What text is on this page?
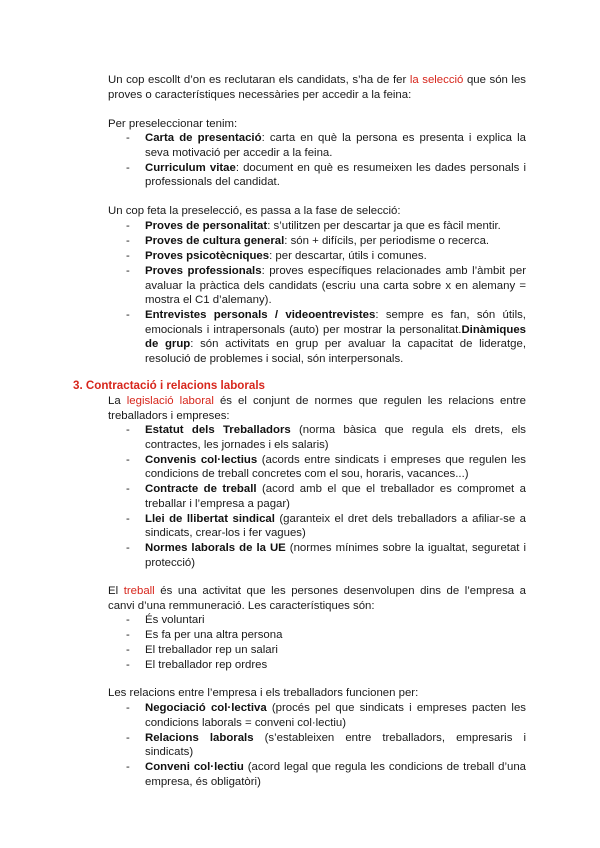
Un cop escollt d’on es reclutaran els candidats, s’ha de fer la selecció que són les proves o característiques necessàries per accedir a la feina:

Per preseleccionar tenim:

- Carta de presentació: carta en què la persona es presenta i explica la seva motivació per accedir a la feina.
- Curriculum vitae: document en què es resumeixen les dades personals i professionals del candidat.

Un cop feta la preselecció, es passa a la fase de selecció:

- Proves de personalitat: s’utilitzen per descartar ja que es fàcil mentir.
- Proves de cultura general: són + difícils, per periodisme o recerca.
- Proves psicotècniques: per descartar, útils i comunes.
- Proves professionals: proves específiques relacionades amb l’àmbit per avaluar la pràctica dels candidats (escriu una carta sobre x en alemany = mostra el C1 d’alemany).
- Entrevistes personals / videoentrevistes: sempre es fan, són útils, emocionals i intrapersonals (auto) per mostrar la personalitat.Dinàmiques de grup: són activitats en grup per avaluar la capacitat de lideratge, resolució de problemes i social, són interpersonals.
3. Contractació i relacions laborals

La legislació laboral és el conjunt de normes que regulen les relacions entre treballadors i empreses:

- Estatut dels Treballadors (norma bàsica que regula els drets, els contractes, les jornades i els salaris)
- Convenis col·lectius (acords entre sindicats i empreses que regulen les condicions de treball concretes com el sou, horaris, vacances...)
- Contracte de treball (acord amb el que el treballador es compromet a treballar i l’empresa a pagar)
- Llei de llibertat sindical (garanteix el dret dels treballadors a afiliar-se a sindicats, crear-los i fer vagues)
- Normes laborals de la UE (normes mínimes sobre la igualtat, seguretat i protecció)

El treball és una activitat que les persones desenvolupen dins de l’empresa a canvi d’una remmuneració. Les característiques són:

- És voluntari
- Es fa per una altra persona
- El treballador rep un salari
- El treballador rep ordres

Les relacions entre l’empresa i els treballadors funcionen per:

- Negociació col·lectiva (procés pel que sindicats i empreses pacten les condicions laborals = conveni col·lectiu)
- Relacions laborals (s’estableixen entre treballadors, empresaris i sindicats)
- Conveni col·lectiu (acord legal que regula les condicions de treball d’una empresa, és obligatòri)
